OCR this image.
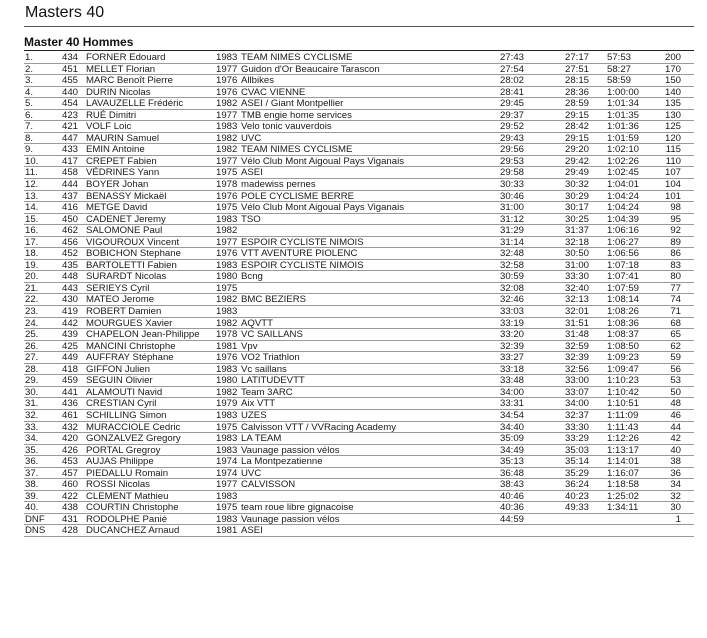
Masters 40
Master 40 Hommes
1.	434 FORNER Edouard	1983 TEAM NIMES CYCLISME	27:43	27:17 57:53	200
2.	451 MELLET Florian	1977 Guidon d'Or Beaucaire Tarascon	27:54	27:51 58:27	170
3.	455 MARC Benoît Pierre	1976 Allbikes	28:02	28:15 58:59	150
4.	440 DURIN Nicolas	1976 CVAC VIENNE	28:41	28:36 1:00:00	140
5.	454 LAVAUZELLE Frédéric	1982 ASEI / Giant Montpellier	29:45	28:59 1:01:34	135
6.	423 RUÉ Dimitri	1977 TMB engie home services	29:37	29:15 1:01:35	130
7.	421 VOLF Loic	1983 Velo tonic vauverdois	29:52	28:42 1:01:36	125
8.	447 MAURIN Samuel	1982 UVC	29:43	29:15 1:01:59	120
9.	433 EMIN Antoine	1982 TEAM NIMES CYCLISME	29:56	29:20 1:02:10	115
10.	417 CREPET Fabien	1977 Vélo Club Mont Aigoual Pays Viganais	29:53	29:42 1:02:26	110
11.	458 VÉDRINES Yann	1975 ASEI	29:58	29:49 1:02:45	107
12.	444 BOYER Johan	1978 madewiss pernes	30:33	30:32 1:04:01	104
13.	437 BENASSY Mickaël	1976 POLE CYCLISME BERRE	30:46	30:29 1:04:24	101
14.	416 METGE David	1975 Vélo Club Mont Aigoual Pays Viganais	31:00	30:17 1:04:24	98
15.	450 CADENET Jeremy	1983 TSO	31:12	30:25 1:04:39	95
16.	462 SALOMONE Paul	1982	31:29	31:37 1:06:16	92
17.	456 VIGOUROUX Vincent	1977 ESPOIR CYCLISTE NIMOIS	31:14	32:18 1:06:27	89
18.	452 BOBICHON Stephane	1976 VTT AVENTURE PIOLENC	32:48	30:50 1:06:56	86
19.	435 BARTOLETTI Fabien	1983 ESPOIR CYCLISTE NIMOIS	32:58	31:00 1:07:18	83
20.	448 SURARDT Nicolas	1980 Bcng	30:59	33:30 1:07:41	80
21.	443 SERIEYS Cyril	1975	32:08	32:40 1:07:59	77
22.	430 MATEO Jerome	1982 BMC BEZIERS	32:46	32:13 1:08:14	74
23.	419 ROBERT Damien	1983	33:03	32:01 1:08:26	71
24.	442 MOURGUES Xavier	1982 AQVTT	33:19	31:51 1:08:36	68
25.	439 CHAPELON Jean-Philippe 1978 VC SAILLANS	33:20	31:48 1:08:37	65
26.	425 MANCINI Christophe	1981 Vpv	32:39	32:59 1:08:50	62
27.	449 AUFFRAY Stéphane	1976 VO2 Triathlon	33:27	32:39 1:09:23	59
28.	418 GIFFON Julien	1983 Vc saillans	33:18	32:56 1:09:47	56
29.	459 SEGUIN Olivier	1980 LATITUDEVTT	33:48	33:00 1:10:23	53
30.	441 ALAMOUTI Navid	1982 Team 3ARC	34:00	33:07 1:10:42	50
31.	436 CRESTIAN Cyril	1979 Aix VTT	33:31	34:00 1:10:51	48
32.	461 SCHILLING Simon	1983 UZES	34:54	32:37 1:11:09	46
33.	432 MURACCIOLE Cedric	1975 Calvisson VTT / VVRacing Academy	34:40	33:30 1:11:43	44
34.	420 GONZALVEZ Gregory	1983 LA TEAM	35:09	33:29 1:12:26	42
35.	426 PORTAL Gregroy	1983 Vaunage passion vélos	34:49	35:03 1:13:17	40
36.	453 AUJAS Philippe	1974 La Montpezatienne	35:13	35:14 1:14:01	38
37.	457 PIEDALLU Romain	1974 UVC	36:48	35:29 1:16:07	36
38.	460 ROSSI Nicolas	1977 CALVISSON	38:43	36:24 1:18:58	34
39.	422 CLEMENT Mathieu	1983	40:46	40:23 1:25:02	32
40.	438 COURTIN Christophe	1975 team roue libre gignacoise	40:36	49:33 1:34:11	30
DNF	431 RODOLPHE Panié	1983 Vaunage passion vélos	44:59	1
DNS	428 DUCANCHEZ Arnaud	1981 ASEI
